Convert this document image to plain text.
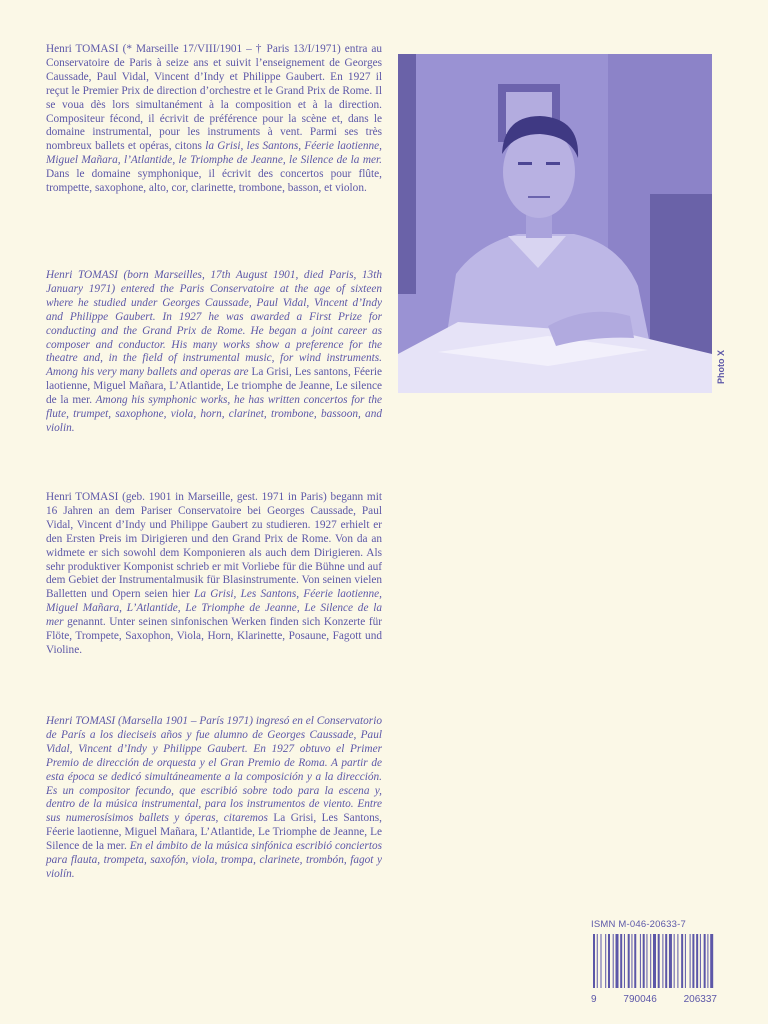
Henri TOMASI (* Marseille 17/VIII/1901 – † Paris 13/I/1971) entra au Conservatoire de Paris à seize ans et suivit l’enseignement de Georges Caussade, Paul Vidal, Vincent d’Indy et Philippe Gaubert. En 1927 il reçut le Premier Prix de direction d’orchestre et le Grand Prix de Rome. Il se voua dès lors simultanément à la composition et à la direction. Compositeur fécond, il écrivit de préférence pour la scène et, dans le domaine instrumental, pour les instruments à vent. Parmi ses très nombreux ballets et opéras, citons la Grisi, les Santons, Féerie laotienne, Miguel Mañara, l’Atlantide, le Triomphe de Jeanne, le Silence de la mer. Dans le domaine symphonique, il écrivit des concertos pour flûte, trompette, saxophone, alto, cor, clarinette, trombone, basson, et violon.

Henri TOMASI (born Marseilles, 17th August 1901, died Paris, 13th January 1971) entered the Paris Conservatoire at the age of sixteen where he studied under Georges Caussade, Paul Vidal, Vincent d’Indy and Philippe Gaubert. In 1927 he was awarded a First Prize for conducting and the Grand Prix de Rome. He began a joint career as composer and conductor. His many works show a preference for the theatre and, in the field of instrumental music, for wind instruments. Among his very many ballets and operas are La Grisi, Les santons, Féerie laotienne, Miguel Mañara, L’Atlantide, Le triomphe de Jeanne, Le silence de la mer. Among his symphonic works, he has written concertos for the flute, trumpet, saxophone, viola, horn, clarinet, trombone, bassoon, and violin.

Henri TOMASI (geb. 1901 in Marseille, gest. 1971 in Paris) begann mit 16 Jahren an dem Pariser Conservatoire bei Georges Caussade, Paul Vidal, Vincent d’Indy und Philippe Gaubert zu studieren. 1927 erhielt er den Ersten Preis im Dirigieren und den Grand Prix de Rome. Von da an widmete er sich sowohl dem Komponieren als auch dem Dirigieren. Als sehr produktiver Komponist schrieb er mit Vorliebe für die Bühne und auf dem Gebiet der Instrumentalmusik für Blasinstrumente. Von seinen vielen Balletten und Opern seien hier La Grisi, Les Santons, Féerie laotienne, Miguel Mañara, L’Atlantide, Le Triomphe de Jeanne, Le Silence de la mer genannt. Unter seinen sinfonischen Werken finden sich Konzerte für Flöte, Trompete, Saxophon, Viola, Horn, Klarinette, Posaune, Fagott und Violine.

Henri TOMASI (Marsella 1901 – París 1971) ingresó en el Conservatorio de París a los dieciseis años y fue alumno de Georges Caussade, Paul Vidal, Vincent d’Indy y Philippe Gaubert. En 1927 obtuvo el Primer Premio de dirección de orquesta y el Gran Premio de Roma. A partir de esta época se dedicó simultáneamente a la composición y a la dirección. Es un compositor fecundo, que escribió sobre todo para la escena y, dentro de la música instrumental, para los instrumentos de viento. Entre sus numerosísimos ballets y óperas, citaremos La Grisi, Les Santons, Féerie laotienne, Miguel Mañara, L’Atlantide, Le Triomphe de Jeanne, Le Silence de la mer. En el ámbito de la música sinfónica escribió conciertos para flauta, trompeta, saxofón, viola, trompa, clarinete, trombón, fagot y violín.

Photo X
ISMN M-046-20633-7
9	790046	206337
